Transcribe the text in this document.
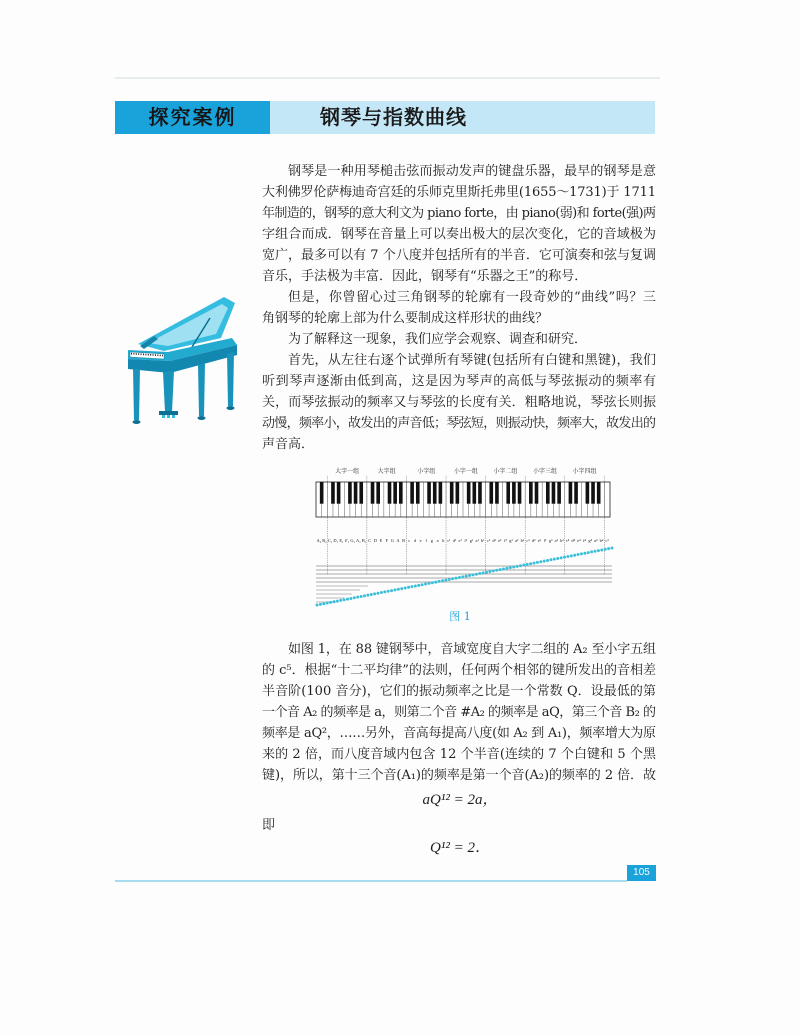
探究案例	钢琴与指数曲线
钢琴是一种用琴槌击弦而振动发声的键盘乐器，最早的钢琴是意
大利佛罗伦萨梅迪奇宫廷的乐师克里斯托弗里(1655～1731)于 1711
年制造的，钢琴的意大利文为 piano forte，由 piano(弱)和 forte(强)两
字组合而成．钢琴在音量上可以奏出极大的层次变化，它的音域极为
宽广，最多可以有 7 个八度并包括所有的半音．它可演奏和弦与复调
音乐，手法极为丰富．因此，钢琴有“乐器之王”的称号．
但是，你曾留心过三角钢琴的轮廓有一段奇妙的“曲线”吗？三
角钢琴的轮廓上部为什么要制成这样形状的曲线？
为了解释这一现象，我们应学会观察、调查和研究．
首先，从左往右逐个试弹所有琴键(包括所有白键和黑键)，我们
听到琴声逐渐由低到高，这是因为琴声的高低与琴弦振动的频率有
关，而琴弦振动的频率又与琴弦的长度有关．粗略地说，琴弦长则振
动慢，频率小，故发出的声音低；琴弦短，则振动快，频率大，故发出的
声音高．
大字一组	大字组	小字组	小字一组	小字二组	小字三组	小字四组
A₂ B₂ C₁ D₁ E₁ F₁ G₁ A₁ B₁ C D E F G A B c d e f g a b c¹ d¹ e¹ f¹ g¹ a¹ b¹ c² d² e² f² g² a² b² c³ d³ e³ f³ g³ a³ b³ c⁴ d⁴ e⁴ f⁴ g⁴ a⁴ b⁴ c⁵
图 1
如图 1，在 88 键钢琴中，音域宽度自大字二组的 A₂ 至小字五组
的 c⁵．根据“十二平均律”的法则，任何两个相邻的键所发出的音相差
半音阶(100 音分)，它们的振动频率之比是一个常数 Q．设最低的第
一个音 A₂ 的频率是 a，则第二个音 #A₂ 的频率是 aQ，第三个音 B₂ 的
频率是 aQ²，……另外，音高每提高八度(如 A₂ 到 A₁)，频率增大为原
来的 2 倍，而八度音域内包含 12 个半音(连续的 7 个白键和 5 个黑
键)，所以，第十三个音(A₁)的频率是第一个音(A₂)的频率的 2 倍．故
aQ¹² = 2a，
即
Q¹² = 2．
105
